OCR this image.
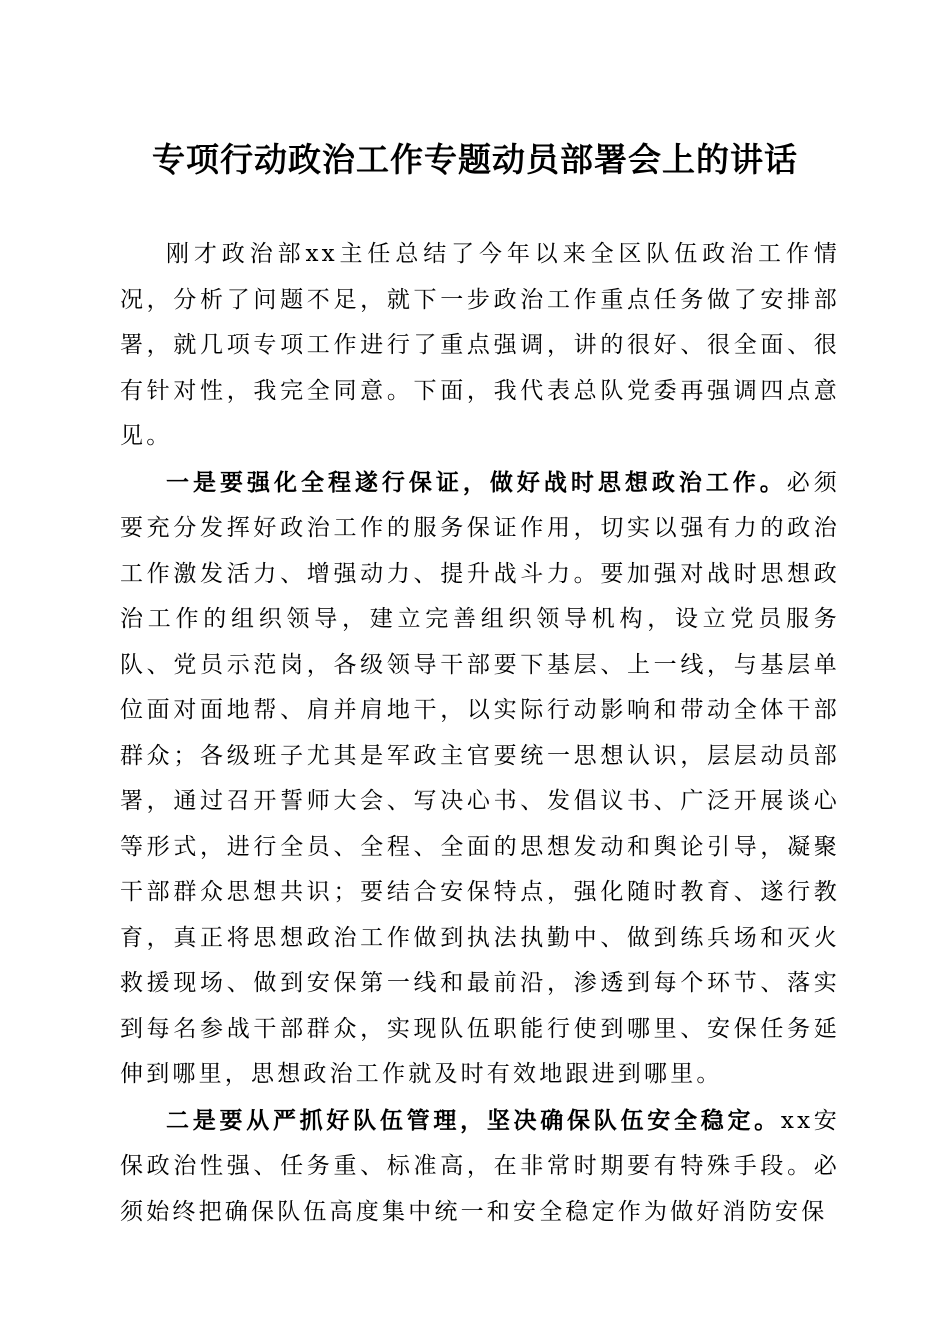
专项行动政治工作专题动员部署会上的讲话

刚才政治部xx主任总结了今年以来全区队伍政治工作情况，分析了问题不足，就下一步政治工作重点任务做了安排部署，就几项专项工作进行了重点强调，讲的很好、很全面、很有针对性，我完全同意。下面，我代表总队党委再强调四点意见。

一是要强化全程遂行保证，做好战时思想政治工作。必须要充分发挥好政治工作的服务保证作用，切实以强有力的政治工作激发活力、增强动力、提升战斗力。要加强对战时思想政治工作的组织领导，建立完善组织领导机构，设立党员服务队、党员示范岗，各级领导干部要下基层、上一线，与基层单位面对面地帮、肩并肩地干，以实际行动影响和带动全体干部群众；各级班子尤其是军政主官要统一思想认识，层层动员部署，通过召开誓师大会、写决心书、发倡议书、广泛开展谈心等形式，进行全员、全程、全面的思想发动和舆论引导，凝聚干部群众思想共识；要结合安保特点，强化随时教育、遂行教育，真正将思想政治工作做到执法执勤中、做到练兵场和灭火救援现场、做到安保第一线和最前沿，渗透到每个环节、落实到每名参战干部群众，实现队伍职能行使到哪里、安保任务延伸到哪里，思想政治工作就及时有效地跟进到哪里。

二是要从严抓好队伍管理，坚决确保队伍安全稳定。xx安保政治性强、任务重、标准高，在非常时期要有特殊手段。必须始终把确保队伍高度集中统一和安全稳定作为做好消防安保
